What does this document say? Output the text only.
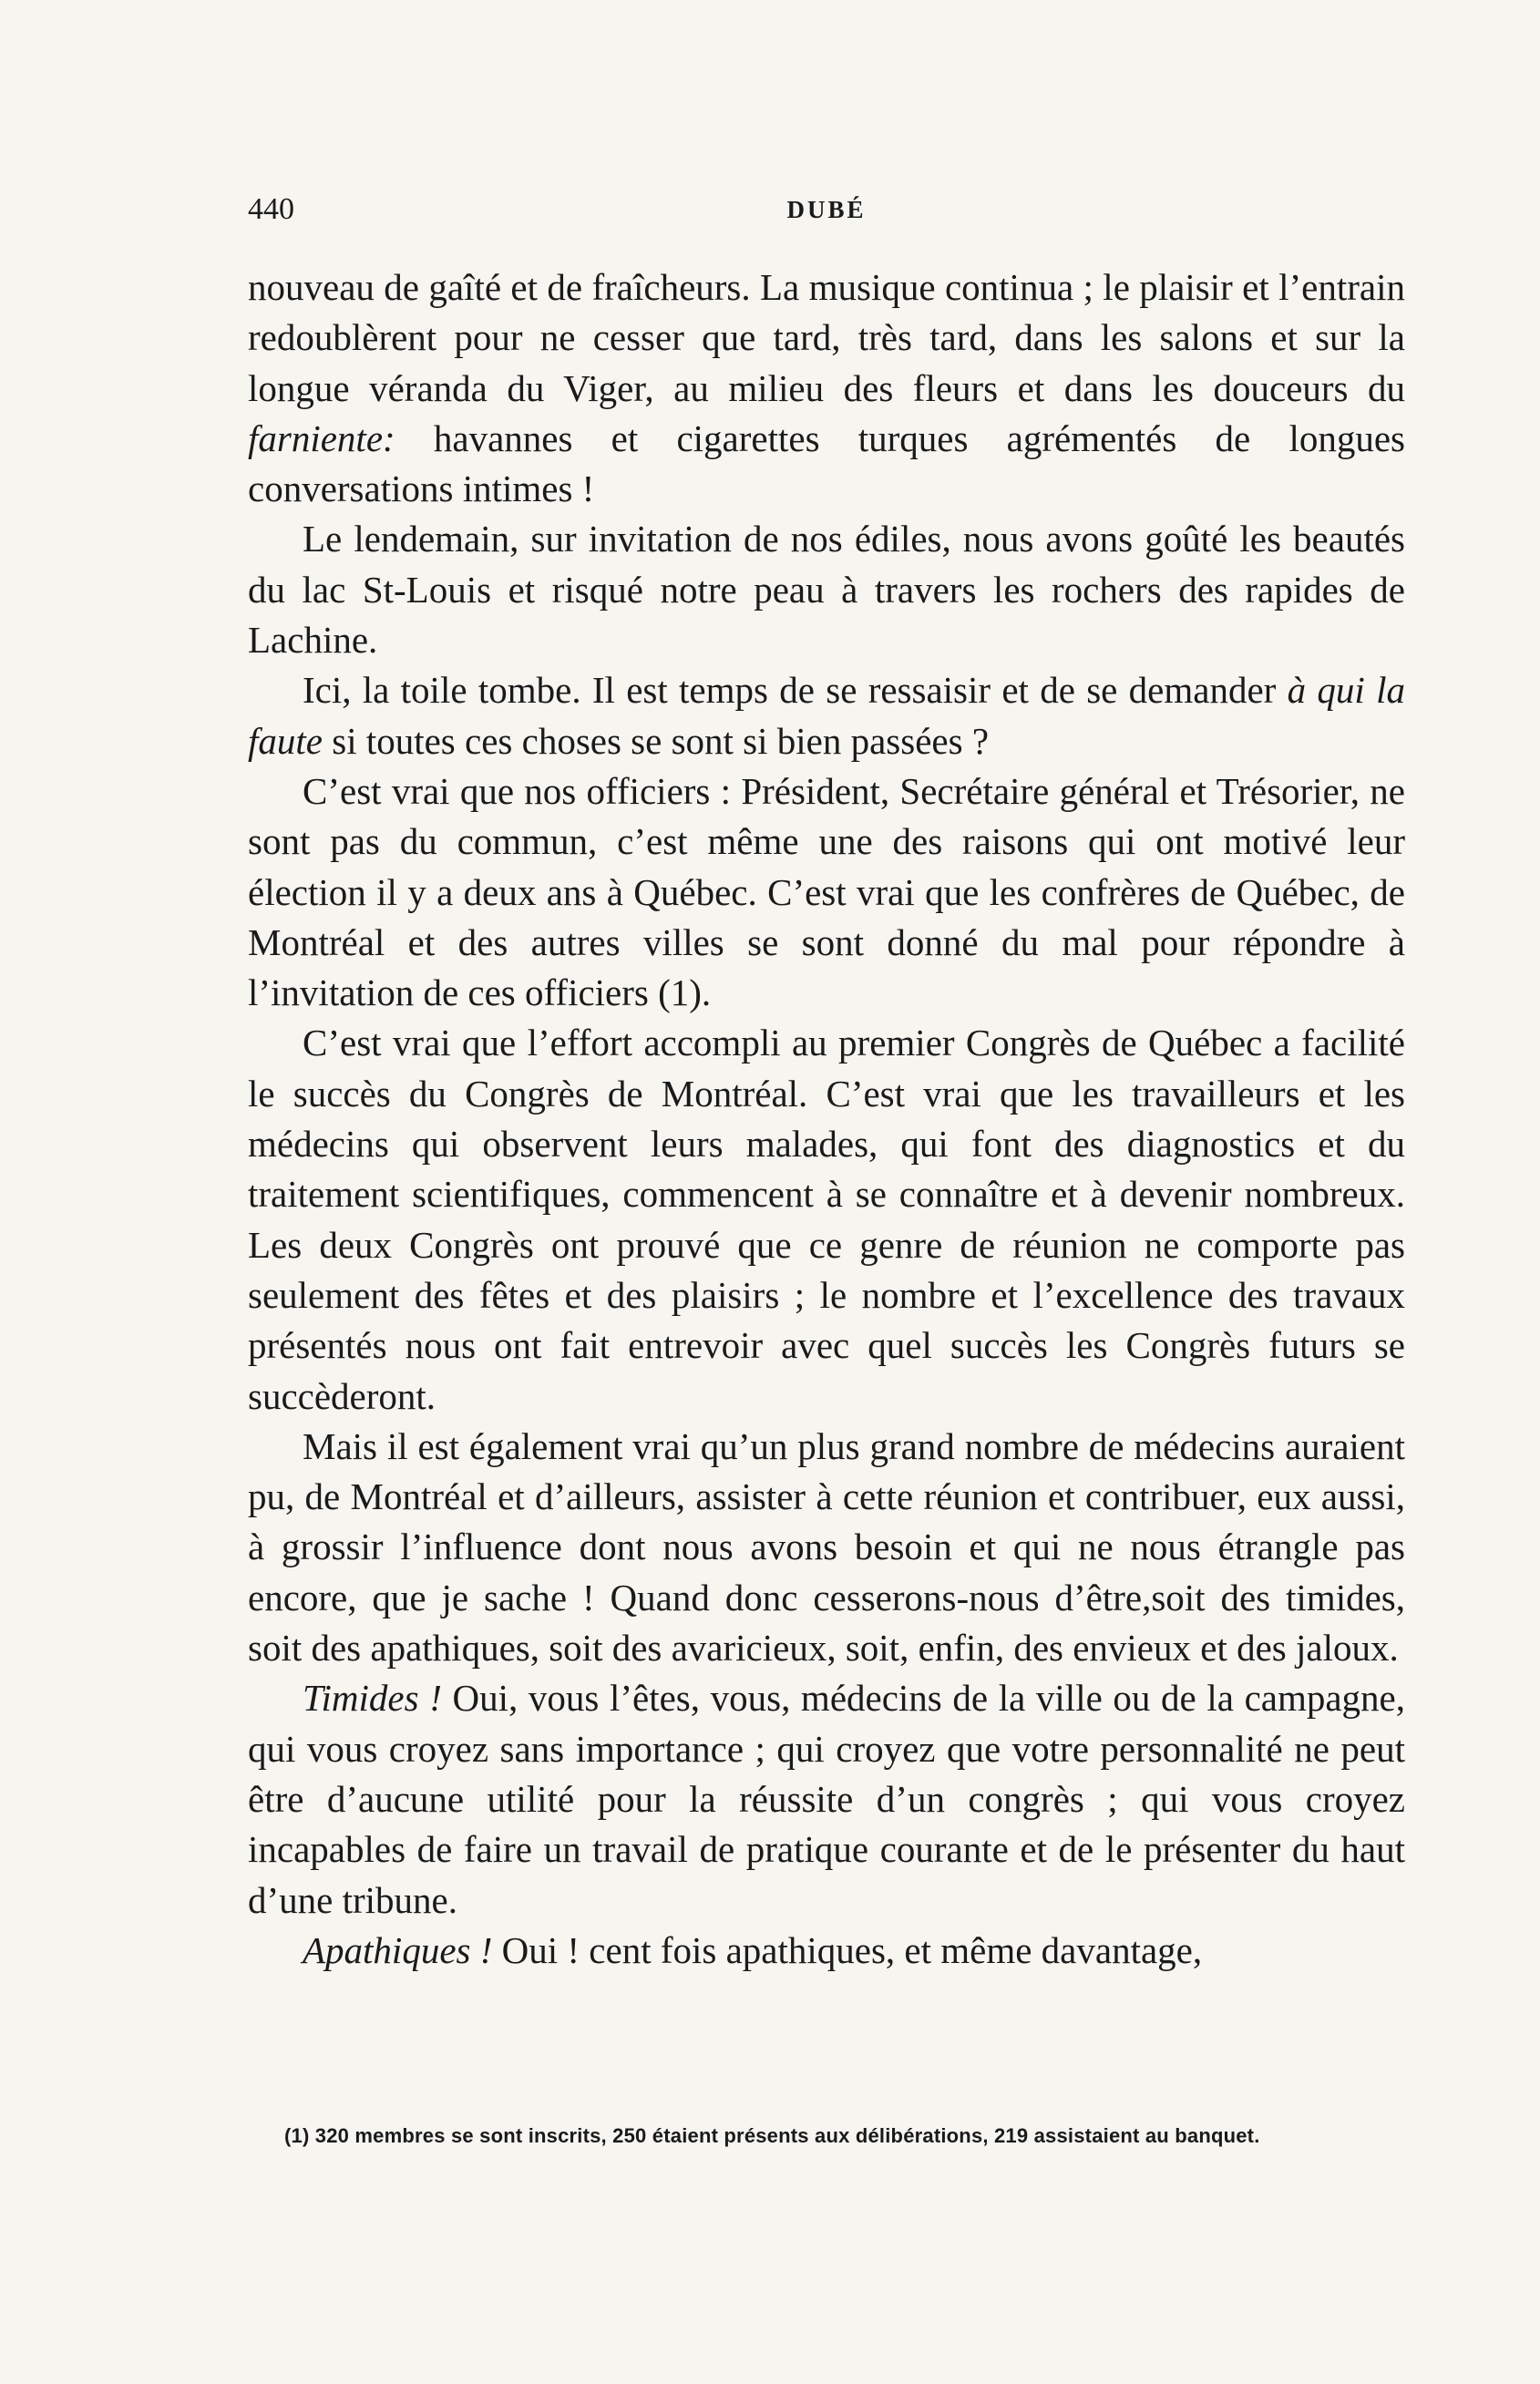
440	DUBÉ

nouveau de gaîté et de fraîcheurs. La musique continua ; le plaisir et l’entrain redoublèrent pour ne cesser que tard, très tard, dans les salons et sur la longue véranda du Viger, au milieu des fleurs et dans les douceurs du farniente: havannes et cigarettes turques agrémentés de longues conversations intimes !

Le lendemain, sur invitation de nos édiles, nous avons goûté les beautés du lac St-Louis et risqué notre peau à travers les rochers des rapides de Lachine.

Ici, la toile tombe. Il est temps de se ressaisir et de se demander à qui la faute si toutes ces choses se sont si bien passées ?

C’est vrai que nos officiers : Président, Secrétaire général et Trésorier, ne sont pas du commun, c’est même une des raisons qui ont motivé leur élection il y a deux ans à Québec. C’est vrai que les confrères de Québec, de Montréal et des autres villes se sont donné du mal pour répondre à l’invitation de ces officiers (1).

C’est vrai que l’effort accompli au premier Congrès de Québec a facilité le succès du Congrès de Montréal. C’est vrai que les travailleurs et les médecins qui observent leurs malades, qui font des diagnostics et du traitement scientifiques, commencent à se connaître et à devenir nombreux. Les deux Congrès ont prouvé que ce genre de réunion ne comporte pas seulement des fêtes et des plaisirs ; le nombre et l’excellence des travaux présentés nous ont fait entrevoir avec quel succès les Congrès futurs se succèderont.

Mais il est également vrai qu’un plus grand nombre de médecins auraient pu, de Montréal et d’ailleurs, assister à cette réunion et contribuer, eux aussi, à grossir l’influence dont nous avons besoin et qui ne nous étrangle pas encore, que je sache ! Quand donc cesserons-nous d’être,soit des timides, soit des apathiques, soit des avaricieux, soit, enfin, des envieux et des jaloux.

Timides ! Oui, vous l’êtes, vous, médecins de la ville ou de la campagne, qui vous croyez sans importance ; qui croyez que votre personnalité ne peut être d’aucune utilité pour la réussite d’un congrès ; qui vous croyez incapables de faire un travail de pratique courante et de le présenter du haut d’une tribune.

Apathiques ! Oui ! cent fois apathiques, et même davantage,

(1) 320 membres se sont inscrits, 250 étaient présents aux délibérations, 219 assistaient au banquet.
